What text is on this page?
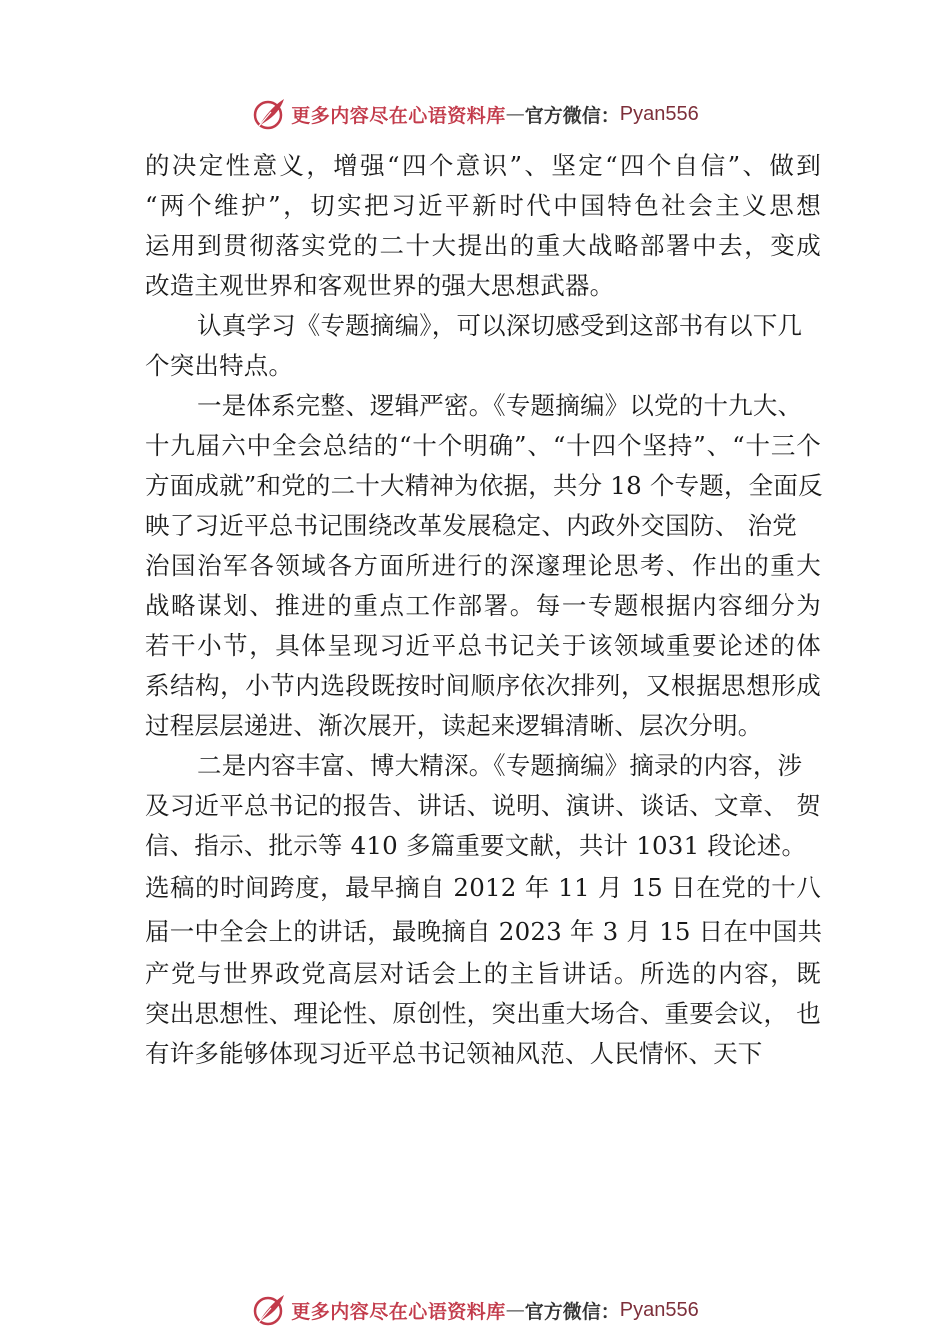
更多内容尽在心语资料库 — 官方微信： Pyan556
的决定性意义，增强“四个意识”、坚定“四个自信”、做到
“两个维护”，切实把习近平新时代中国特色社会主义思想
运用到贯彻落实党的二十大提出的重大战略部署中去，变成
改造主观世界和客观世界的强大思想武器。
认真学习《专题摘编》，可以深切感受到这部书有以下几
个突出特点。
一是体系完整、逻辑严密。《专题摘编》以党的十九大、
十九届六中全会总结的“十个明确”、“十四个坚持”、“十三个
方面成就”和党的二十大精神为依据，共分 18 个专题，全面反
映了习近平总书记围绕改革发展稳定、内政外交国防、 治党
治国治军各领域各方面所进行的深邃理论思考、作出的重大
战略谋划、推进的重点工作部署。每一专题根据内容细分为
若干小节，具体呈现习近平总书记关于该领域重要论述的体
系结构，小节内选段既按时间顺序依次排列，又根据思想形成
过程层层递进、渐次展开，读起来逻辑清晰、层次分明。
二是内容丰富、博大精深。《专题摘编》摘录的内容，涉
及习近平总书记的报告、讲话、说明、演讲、谈话、文章、 贺
信、指示、批示等 410 多篇重要文献，共计 1031 段论述。
选稿的时间跨度，最早摘自 2012 年 11 月 15 日在党的十八
届一中全会上的讲话，最晚摘自 2023 年 3 月 15 日在中国共
产党与世界政党高层对话会上的主旨讲话。所选的内容，既
突出思想性、理论性、原创性，突出重大场合、重要会议， 也
有许多能够体现习近平总书记领袖风范、人民情怀、天下
更多内容尽在心语资料库 — 官方微信： Pyan556
